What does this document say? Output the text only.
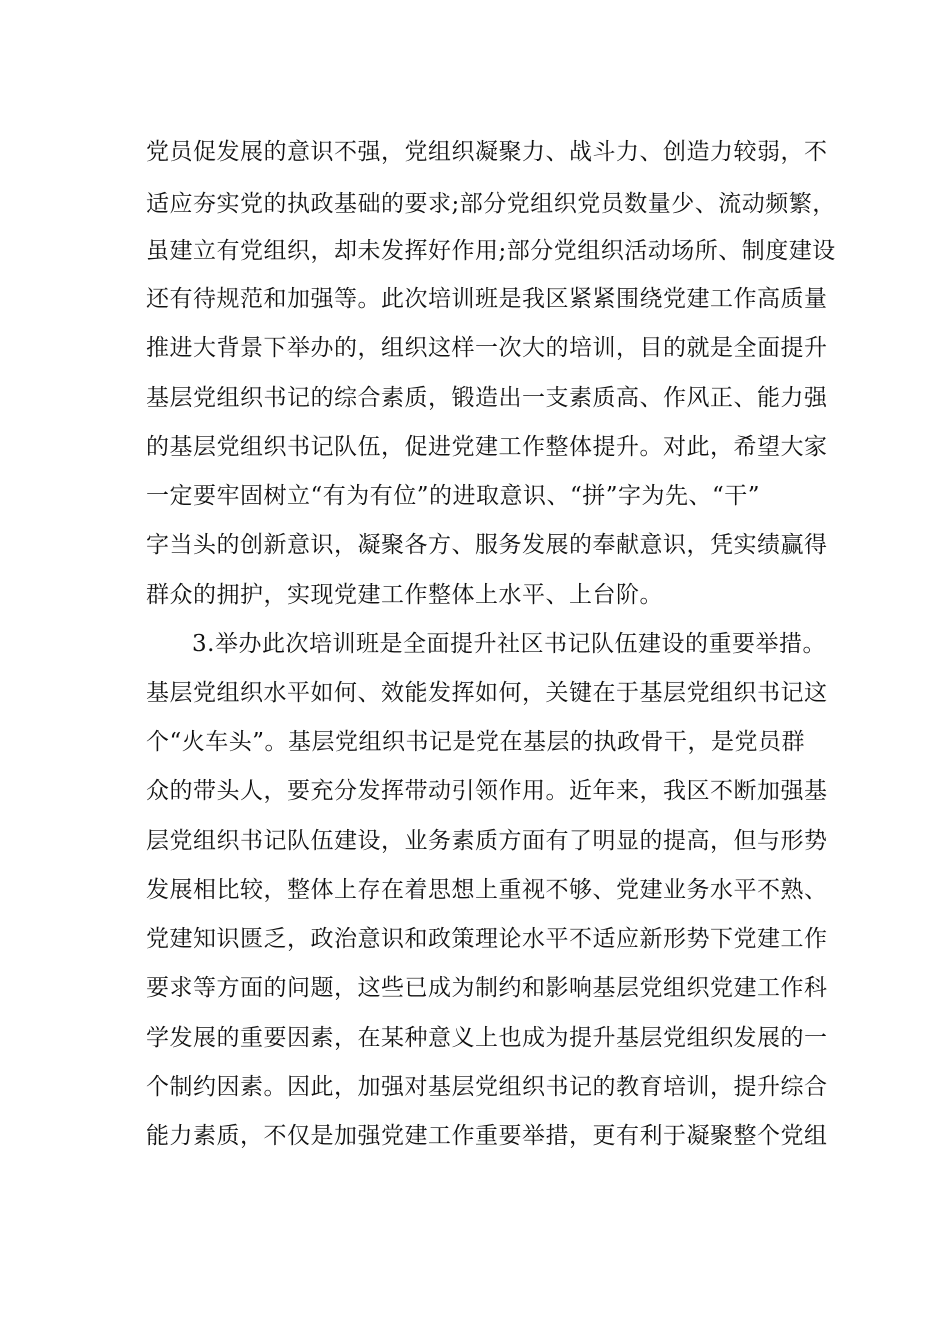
党员促发展的意识不强，党组织凝聚力、战斗力、创造力较弱，不
适应夯实党的执政基础的要求;部分党组织党员数量少、流动频繁，
虽建立有党组织，却未发挥好作用;部分党组织活动场所、制度建设
还有待规范和加强等。此次培训班是我区紧紧围绕党建工作高质量
推进大背景下举办的，组织这样一次大的培训，目的就是全面提升
基层党组织书记的综合素质，锻造出一支素质高、作风正、能力强
的基层党组织书记队伍，促进党建工作整体提升。对此，希望大家
一定要牢固树立“有为有位”的进取意识、“拼”字为先、“干”
字当头的创新意识，凝聚各方、服务发展的奉献意识，凭实绩赢得
群众的拥护，实现党建工作整体上水平、上台阶。
3.举办此次培训班是全面提升社区书记队伍建设的重要举措。
基层党组织水平如何、效能发挥如何，关键在于基层党组织书记这
个“火车头”。基层党组织书记是党在基层的执政骨干，是党员群
众的带头人，要充分发挥带动引领作用。近年来，我区不断加强基
层党组织书记队伍建设，业务素质方面有了明显的提高，但与形势
发展相比较，整体上存在着思想上重视不够、党建业务水平不熟、
党建知识匮乏，政治意识和政策理论水平不适应新形势下党建工作
要求等方面的问题，这些已成为制约和影响基层党组织党建工作科
学发展的重要因素，在某种意义上也成为提升基层党组织发展的一
个制约因素。因此，加强对基层党组织书记的教育培训，提升综合
能力素质，不仅是加强党建工作重要举措，更有利于凝聚整个党组
